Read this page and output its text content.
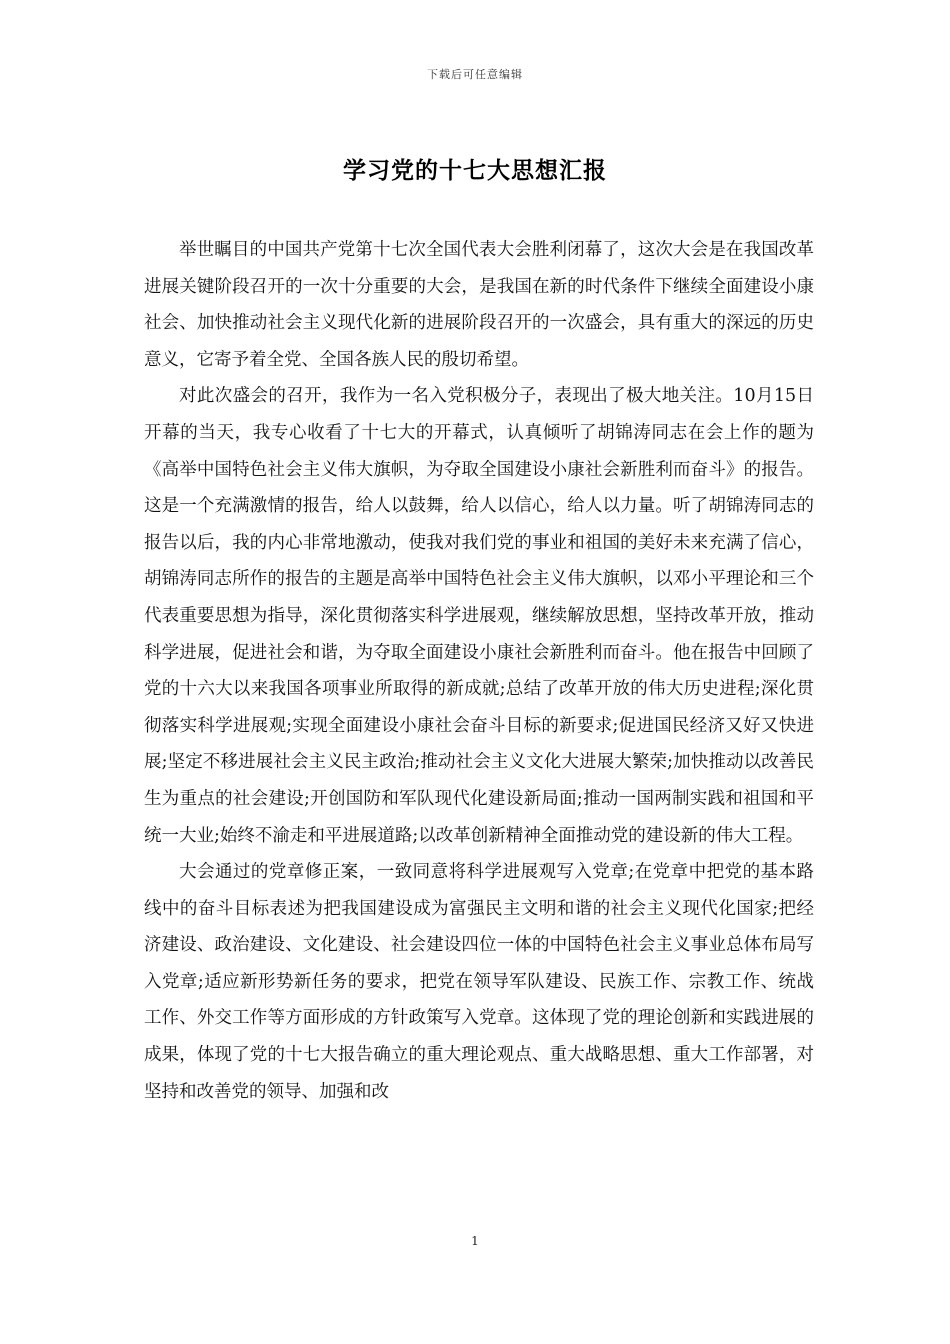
下载后可任意编辑
学习党的十七大思想汇报

举世瞩目的中国共产党第十七次全国代表大会胜利闭幕了，这次大会是在我国改革进展关键阶段召开的一次十分重要的大会，是我国在新的时代条件下继续全面建设小康社会、加快推动社会主义现代化新的进展阶段召开的一次盛会，具有重大的深远的历史意义，它寄予着全党、全国各族人民的殷切希望。

对此次盛会的召开，我作为一名入党积极分子，表现出了极大地关注。10月15日开幕的当天，我专心收看了十七大的开幕式，认真倾听了胡锦涛同志在会上作的题为《高举中国特色社会主义伟大旗帜，为夺取全国建设小康社会新胜利而奋斗》的报告。这是一个充满激情的报告，给人以鼓舞，给人以信心，给人以力量。听了胡锦涛同志的报告以后，我的内心非常地激动，使我对我们党的事业和祖国的美好未来充满了信心，胡锦涛同志所作的报告的主题是高举中国特色社会主义伟大旗帜，以邓小平理论和三个代表重要思想为指导，深化贯彻落实科学进展观，继续解放思想，坚持改革开放，推动科学进展，促进社会和谐，为夺取全面建设小康社会新胜利而奋斗。他在报告中回顾了党的十六大以来我国各项事业所取得的新成就;总结了改革开放的伟大历史进程;深化贯彻落实科学进展观;实现全面建设小康社会奋斗目标的新要求;促进国民经济又好又快进展;坚定不移进展社会主义民主政治;推动社会主义文化大进展大繁荣;加快推动以改善民生为重点的社会建设;开创国防和军队现代化建设新局面;推动一国两制实践和祖国和平统一大业;始终不渝走和平进展道路;以改革创新精神全面推动党的建设新的伟大工程。

大会通过的党章修正案，一致同意将科学进展观写入党章;在党章中把党的基本路线中的奋斗目标表述为把我国建设成为富强民主文明和谐的社会主义现代化国家;把经济建设、政治建设、文化建设、社会建设四位一体的中国特色社会主义事业总体布局写入党章;适应新形势新任务的要求，把党在领导军队建设、民族工作、宗教工作、统战工作、外交工作等方面形成的方针政策写入党章。这体现了党的理论创新和实践进展的成果，体现了党的十七大报告确立的重大理论观点、重大战略思想、重大工作部署，对坚持和改善党的领导、加强和改

1
